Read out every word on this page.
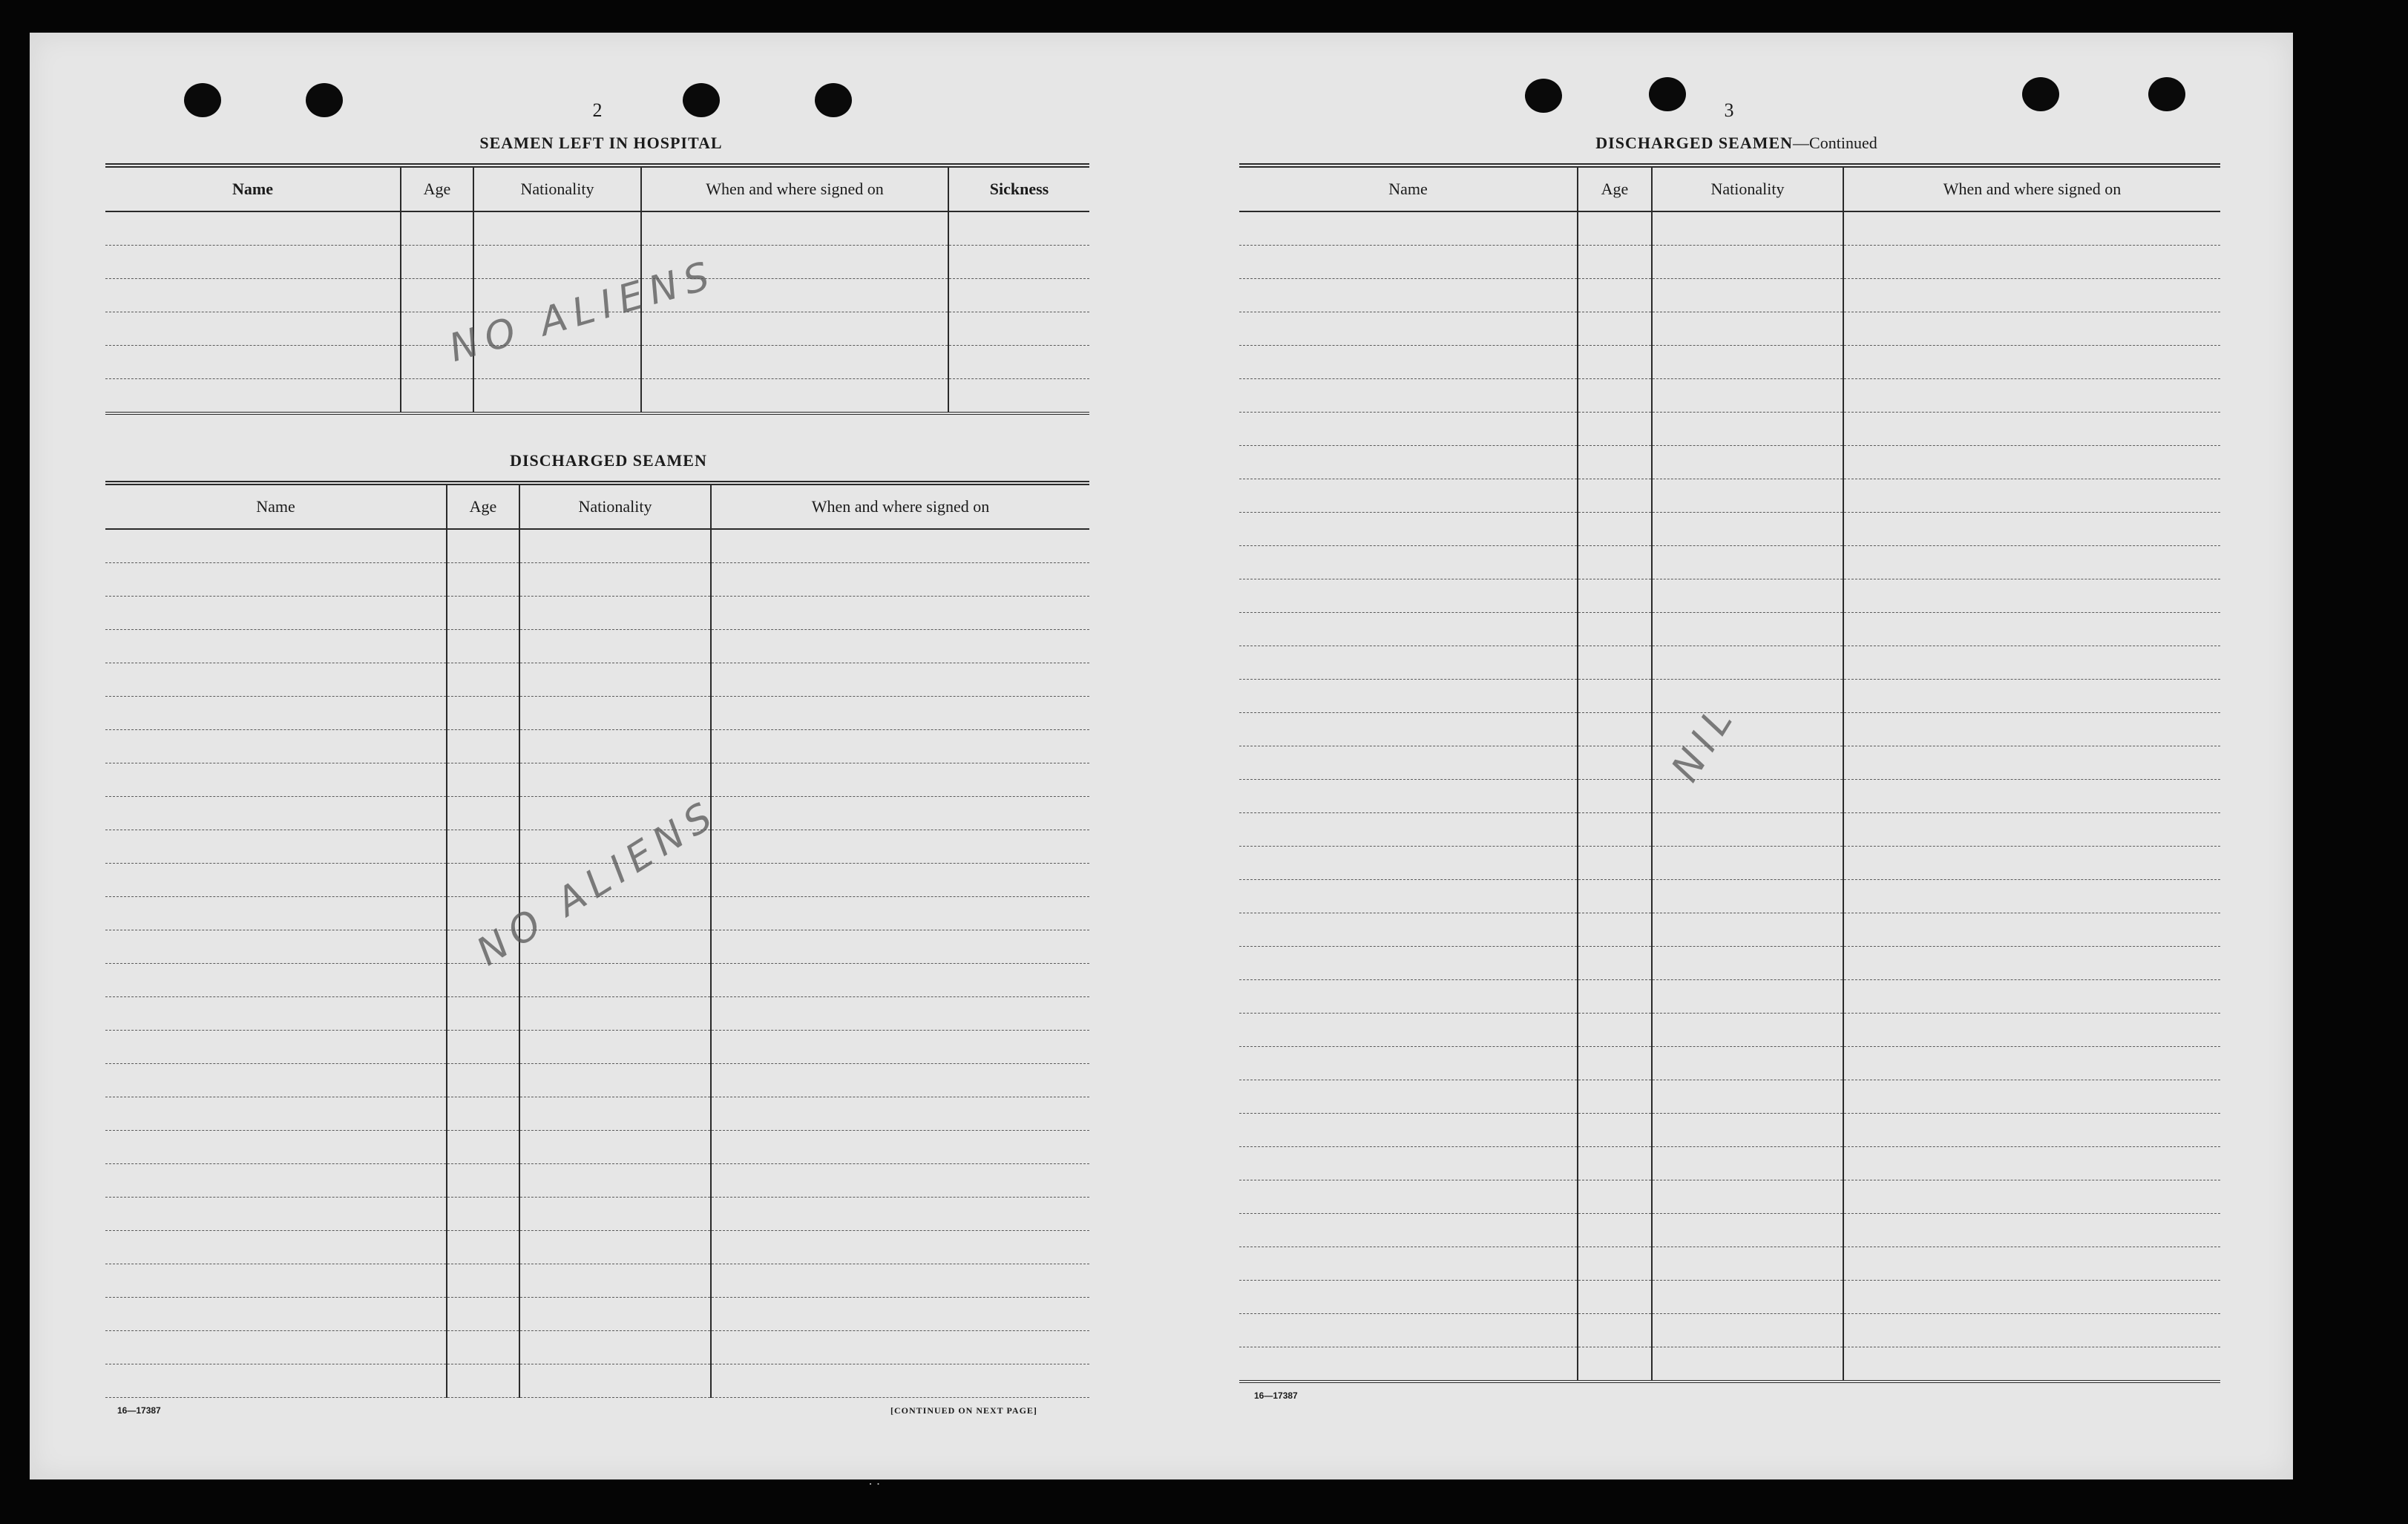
2
SEAMEN LEFT IN HOSPITAL
Name	Age	Nationality	When and where signed on	Sickness

NO ALIENS
DISCHARGED SEAMEN
Name	Age	Nationality	When and where signed on

NO ALIENS
16—17387	[CONTINUED ON NEXT PAGE]
3
DISCHARGED SEAMEN—Continued
Name	Age	Nationality	When and where signed on

NIL
16—17387
· ·
